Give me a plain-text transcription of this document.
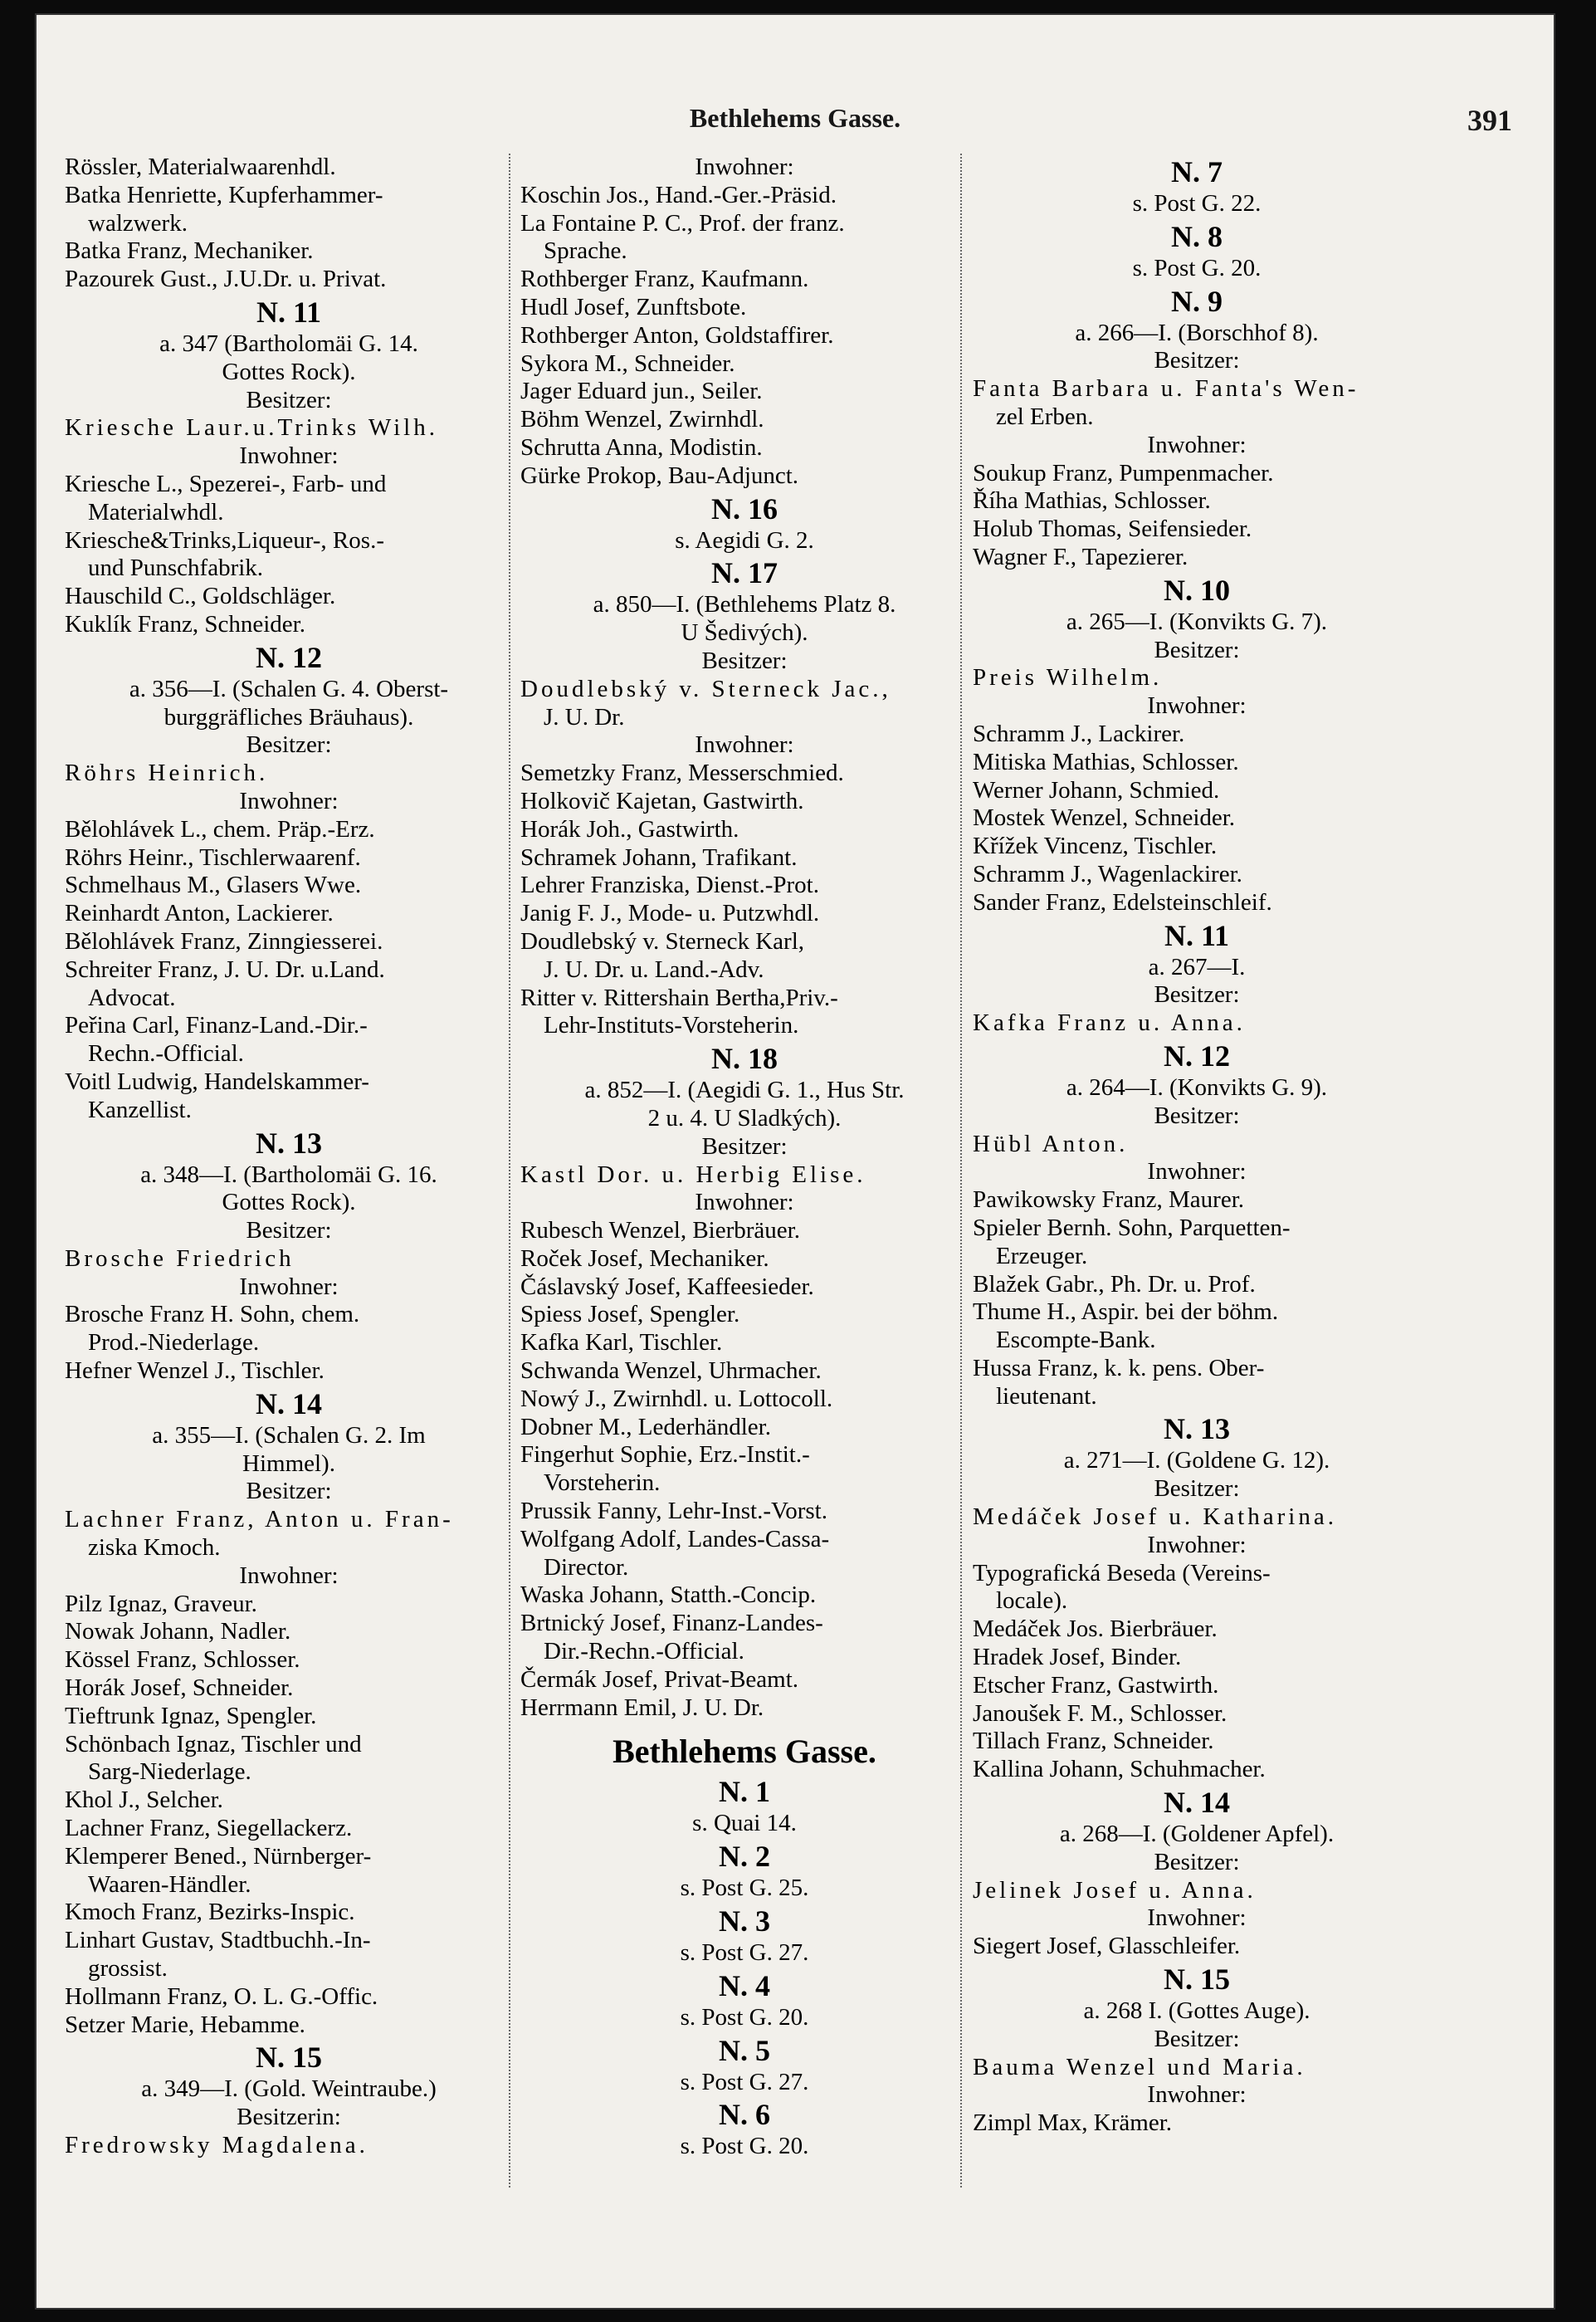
Bethlehems Gasse.	391
Rössler, Materialwaarenhdl.
Batka Henriette, Kupferhammer-
walzwerk.
Batka Franz, Mechaniker.
Pazourek Gust., J.U.Dr. u. Privat.
N. 11
a. 347 (Bartholomäi G. 14.
Gottes Rock).
Besitzer:
Kriesche Laur.u.Trinks Wilh.
Inwohner:
Kriesche L., Spezerei-, Farb- und
Materialwhdl.
Kriesche&Trinks,Liqueur-, Ros.-
und Punschfabrik.
Hauschild C., Goldschläger.
Kuklík Franz, Schneider.
N. 12
a. 356—I. (Schalen G. 4. Oberst-
burggräfliches Bräuhaus).
Besitzer:
Röhrs Heinrich.
Inwohner:
Bělohlávek L., chem. Präp.-Erz.
Röhrs Heinr., Tischlerwaarenf.
Schmelhaus M., Glasers Wwe.
Reinhardt Anton, Lackierer.
Bělohlávek Franz, Zinngiesserei.
Schreiter Franz, J. U. Dr. u.Land.
Advocat.
Peřina Carl, Finanz-Land.-Dir.-
Rechn.-Official.
Voitl Ludwig, Handelskammer-
Kanzellist.
N. 13
a. 348—I. (Bartholomäi G. 16.
Gottes Rock).
Besitzer:
Brosche Friedrich
Inwohner:
Brosche Franz H. Sohn, chem.
Prod.-Niederlage.
Hefner Wenzel J., Tischler.
N. 14
a. 355—I. (Schalen G. 2. Im
Himmel).
Besitzer:
Lachner Franz, Anton u. Fran-
ziska Kmoch.
Inwohner:
Pilz Ignaz, Graveur.
Nowak Johann, Nadler.
Kössel Franz, Schlosser.
Horák Josef, Schneider.
Tieftrunk Ignaz, Spengler.
Schönbach Ignaz, Tischler und
Sarg-Niederlage.
Khol J., Selcher.
Lachner Franz, Siegellackerz.
Klemperer Bened., Nürnberger-
Waaren-Händler.
Kmoch Franz, Bezirks-Inspic.
Linhart Gustav, Stadtbuchh.-In-
grossist.
Hollmann Franz, O. L. G.-Offic.
Setzer Marie, Hebamme.
N. 15
a. 349—I. (Gold. Weintraube.)
Besitzerin:
Fredrowsky Magdalena.
Inwohner:
Koschin Jos., Hand.-Ger.-Präsid.
La Fontaine P. C., Prof. der franz.
Sprache.
Rothberger Franz, Kaufmann.
Hudl Josef, Zunftsbote.
Rothberger Anton, Goldstaffirer.
Sykora M., Schneider.
Jager Eduard jun., Seiler.
Böhm Wenzel, Zwirnhdl.
Schrutta Anna, Modistin.
Gürke Prokop, Bau-Adjunct.
N. 16
s. Aegidi G. 2.
N. 17
a. 850—I. (Bethlehems Platz 8.
U Šedivých).
Besitzer:
Doudlebský v. Sterneck Jac.,
J. U. Dr.
Inwohner:
Semetzky Franz, Messerschmied.
Holkovič Kajetan, Gastwirth.
Horák Joh., Gastwirth.
Schramek Johann, Trafikant.
Lehrer Franziska, Dienst.-Prot.
Janig F. J., Mode- u. Putzwhdl.
Doudlebský v. Sterneck Karl,
J. U. Dr. u. Land.-Adv.
Ritter v. Rittershain Bertha,Priv.-
Lehr-Instituts-Vorsteherin.
N. 18
a. 852—I. (Aegidi G. 1., Hus Str.
2 u. 4. U Sladkých).
Besitzer:
Kastl Dor. u. Herbig Elise.
Inwohner:
Rubesch Wenzel, Bierbräuer.
Roček Josef, Mechaniker.
Čáslavský Josef, Kaffeesieder.
Spiess Josef, Spengler.
Kafka Karl, Tischler.
Schwanda Wenzel, Uhrmacher.
Nowý J., Zwirnhdl. u. Lottocoll.
Dobner M., Lederhändler.
Fingerhut Sophie, Erz.-Instit.-
Vorsteherin.
Prussik Fanny, Lehr-Inst.-Vorst.
Wolfgang Adolf, Landes-Cassa-
Director.
Waska Johann, Statth.-Concip.
Brtnický Josef, Finanz-Landes-
Dir.-Rechn.-Official.
Čermák Josef, Privat-Beamt.
Herrmann Emil, J. U. Dr.
Bethlehems Gasse.
N. 1
s. Quai 14.
N. 2
s. Post G. 25.
N. 3
s. Post G. 27.
N. 4
s. Post G. 20.
N. 5
s. Post G. 27.
N. 6
s. Post G. 20.
N. 7
s. Post G. 22.
N. 8
s. Post G. 20.
N. 9
a. 266—I. (Borschhof 8).
Besitzer:
Fanta Barbara u. Fanta's Wen-
zel Erben.
Inwohner:
Soukup Franz, Pumpenmacher.
Říha Mathias, Schlosser.
Holub Thomas, Seifensieder.
Wagner F., Tapezierer.
N. 10
a. 265—I. (Konvikts G. 7).
Besitzer:
Preis Wilhelm.
Inwohner:
Schramm J., Lackirer.
Mitiska Mathias, Schlosser.
Werner Johann, Schmied.
Mostek Wenzel, Schneider.
Křížek Vincenz, Tischler.
Schramm J., Wagenlackirer.
Sander Franz, Edelsteinschleif.
N. 11
a. 267—I.
Besitzer:
Kafka Franz u. Anna.
N. 12
a. 264—I. (Konvikts G. 9).
Besitzer:
Hübl Anton.
Inwohner:
Pawikowsky Franz, Maurer.
Spieler Bernh. Sohn, Parquetten-
Erzeuger.
Blažek Gabr., Ph. Dr. u. Prof.
Thume H., Aspir. bei der böhm.
Escompte-Bank.
Hussa Franz, k. k. pens. Ober-
lieutenant.
N. 13
a. 271—I. (Goldene G. 12).
Besitzer:
Medáček Josef u. Katharina.
Inwohner:
Typografická Beseda (Vereins-
locale).
Medáček Jos. Bierbräuer.
Hradek Josef, Binder.
Etscher Franz, Gastwirth.
Janoušek F. M., Schlosser.
Tillach Franz, Schneider.
Kallina Johann, Schuhmacher.
N. 14
a. 268—I. (Goldener Apfel).
Besitzer:
Jelinek Josef u. Anna.
Inwohner:
Siegert Josef, Glasschleifer.
N. 15
a. 268 I. (Gottes Auge).
Besitzer:
Bauma Wenzel und Maria.
Inwohner:
Zimpl Max, Krämer.
